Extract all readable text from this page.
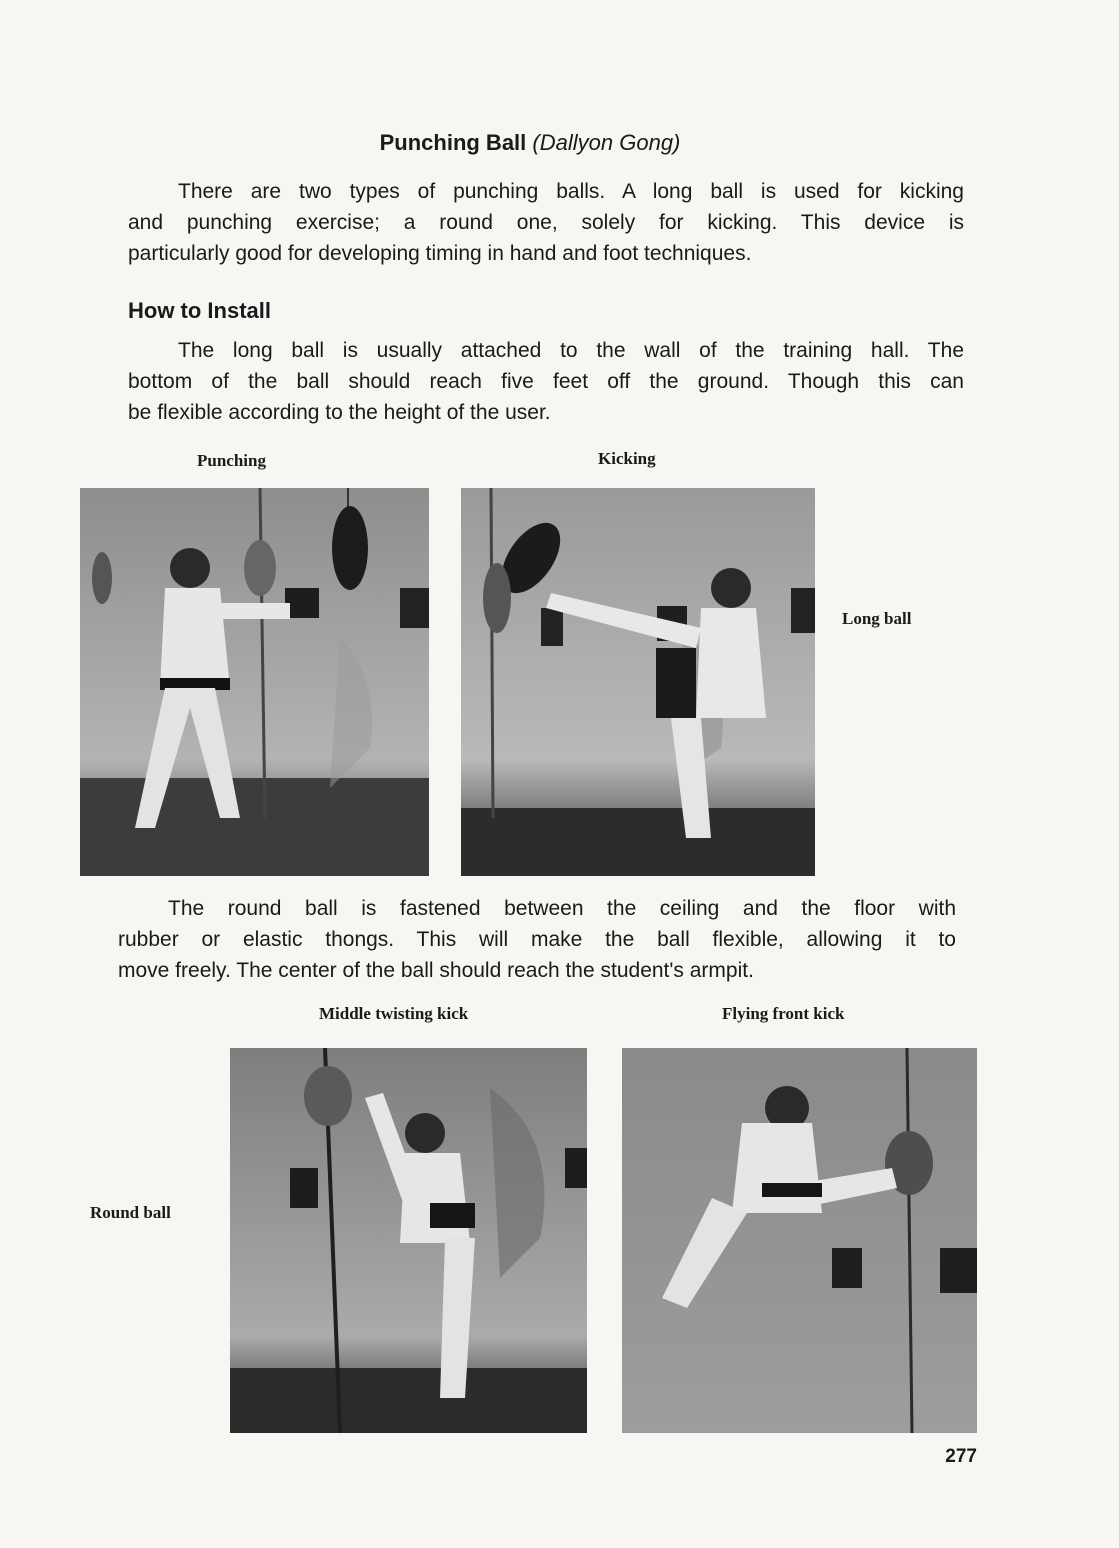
Punching Ball (Dallyon Gong)
There are two types of punching balls. A long ball is used for kicking
and punching exercise; a round one, solely for kicking. This device is
particularly good for developing timing in hand and foot techniques.
How to Install
The long ball is usually attached to the wall of the training hall. The
bottom of the ball should reach five feet off the ground. Though this can
be flexible according to the height of the user.
Punching	Kicking
Long ball
The round ball is fastened between the ceiling and the floor with
rubber or elastic thongs. This will make the ball flexible, allowing it to
move freely. The center of the ball should reach the student's armpit.
Middle twisting kick	Flying front kick
Round ball
277
